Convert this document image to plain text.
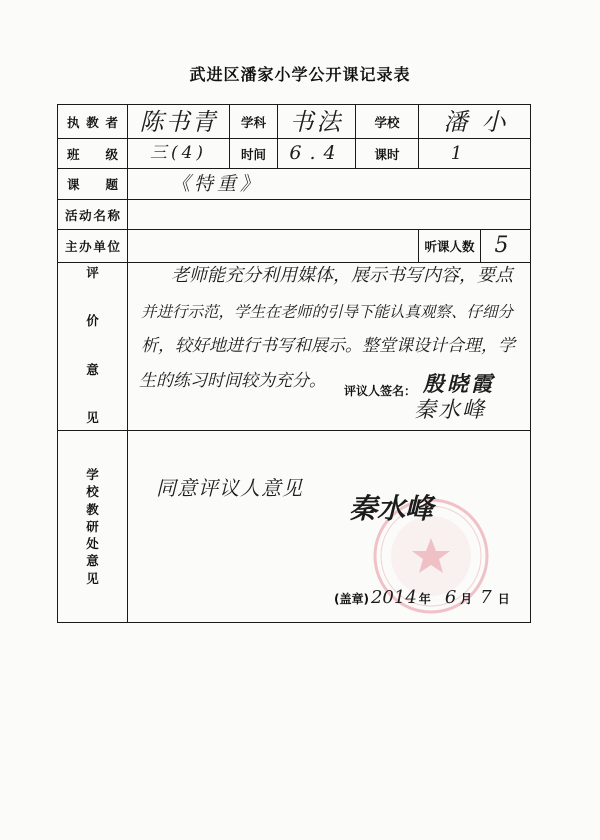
武进区潘家小学公开课记录表
执 教 者 陈书青 学科 书法 学校	潘小
班 级	三(4)	时间 6.4 课时	1
课 题	《特重》
活动名称
主办单位	听课人数 5
评
价
意
见
老师能充分利用媒体，展示书写内容，要点
并进行示范，学生在老师的引导下能认真观察、仔细分
析，较好地进行书写和展示。整堂课设计合理，学
生的练习时间较为充分。 评议人签名： 殷晓霞
秦水峰
学
校
教
研
处
意
见
同意评议人意见
秦水峰
(盖章) 2014 年 6 月 7 日
